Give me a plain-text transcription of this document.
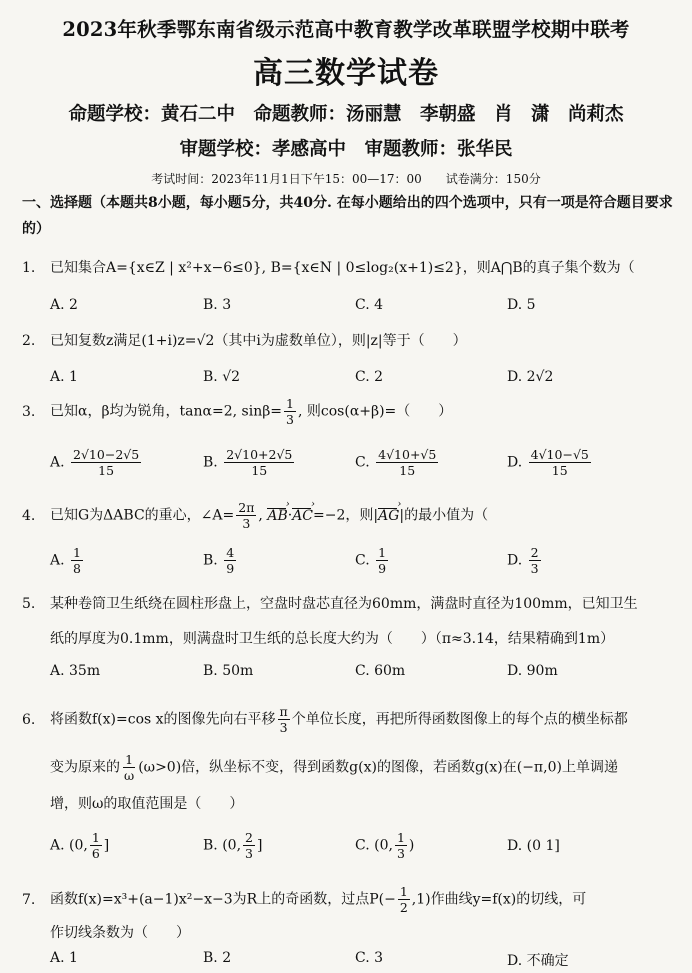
2023年秋季鄂东南省级示范高中教育教学改革联盟学校期中联考
高三数学试卷
命题学校：黄石二中　命题教师：汤丽慧　李朝盛　肖　潇　尚莉杰
审题学校：孝感高中　审题教师：张华民
考试时间：2023年11月1日下午15：00—17：00　　试卷满分：150分
一、选择题（本题共8小题，每小题5分，共40分. 在每小题给出的四个选项中，只有一项是符合题目要求的）
1. 已知集合A={x∈Z | x²+x−6≤0}, B={x∈N | 0≤log₂(x+1)≤2}，则A⋂B的真子集个数为（
A. 2	B. 3	C. 4	D. 5
2. 已知复数z满足(1+i)z=√2（其中i为虚数单位），则|z|等于（　　）
A. 1	B. √2	C. 2	D. 2√2
3. 已知α，β均为锐角，tanα=2, $\sin\beta= \frac{1}{3}$ , 则cos(α+β)=（　　）
A. $\frac{2√10-2√5}{15}$	B. $\frac{2√10+2√5}{15}$	C. $\frac{4√10+√5}{15}$	D. $\frac{4√10-√5}{15}$
4. 已知G为ΔABC的重心，∠A= $\frac{2\pi}{3}$ , AB ›·AC ›=−2，则|AG ›|的最小值为（
A. $\frac{1}{8}$	B. $\frac{4}{9}$	C. $\frac{1}{9}$	D. $\frac{2}{3}$
5. 某种卷筒卫生纸绕在圆柱形盘上，空盘时盘芯直径为60mm，满盘时直径为100mm，已知卫生
纸的厚度为0.1mm，则满盘时卫生纸的总长度大约为（　　）（π≈3.14，结果精确到1m）
A. 35m	B. 50m	C. 60m	D. 90m
6. 将函数f(x)=cos x的图像先向右平移 $\frac{\pi}{3}$ 个单位长度，再把所得函数图像上的每个点的横坐标都
变为原来的 $\frac{1}{\omega} (\omega>0)$倍，纵坐标不变，得到函数g(x)的图像，若函数g(x)在(−π,0)上单调递
增，则ω的取值范围是（　　）
A. (0, $\frac{1}{6}$ ]	B. (0, $\frac{2}{3}$ ]	C. (0, $\frac{1}{3}$ )	D. (0 1]
7. 函数f(x)=x³+(a−1)x²−x−3为R上的奇函数，过点$P(- \frac{1}{2} ,1)$作曲线y=f(x)的切线，可
作切线条数为（　　）
A. 1	B. 2	C. 3	D. 不确定
